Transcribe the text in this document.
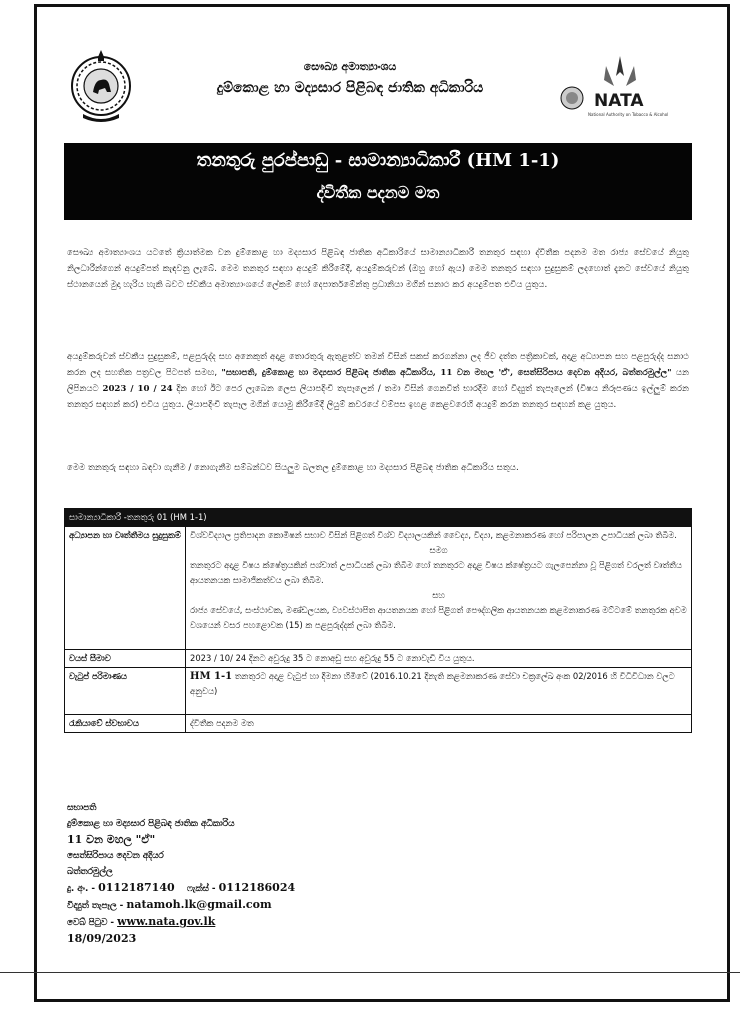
සෞඛ්‍ය අමාත්‍යාංශය
දුම්කොළ හා මද්‍යසාර පිළිබඳ ජාතික අධිකාරිය
NATA
National Authority on Tobacco & Alcohol
තනතුරු පුරප්පාඩු - සාමාන්‍යාධිකාරී (HM 1-1)
ද්විතීක පදනම මත
සෞඛ්‍ය අමාත්‍යාංශය යටතේ ක්‍රියාත්මක වන දුම්කොළ හා මද්‍යසාර පිළිබඳ ජාතික අධිකාරියේ සාමාන්‍යාධිකාරී තනතුර සඳහා ද්විතීක පදනම මත රාජ්‍ය සේවයේ නියුතු නිලධාරීන්ගෙන් අයදුම්පත් කැඳවනු ලැබේ. මෙම තනතුර සඳහා අයදුම් කිරීමේදී, අයදුම්කරුවන් (ඔහු හෝ ඇය) මෙම තනතුර සඳහා සුදුසුකම් ලදහොත් දැනට සේවයේ නියුතු ස්ථානයෙන් මුදා හැරිය හැකි බවට ස්වකීය අමාත්‍යාංශයේ ලේකම් හෝ දෙපාර්තමේන්තු ප්‍රධානියා මගින් සනාථ කර අයදුම්පත එවිය යුතුය.
අයදුම්කරුවන් ස්වකීය සුදුසුකම්, පළපුරුද්ද සහ අනෙකුත් අදාළ තොරතුරු ඇතුළත්ව තමන් විසින් සකස් කරගන්නා ලද ජීව දත්ත පත්‍රිකාවක්, අදාළ අධ්‍යාපන සහ පළපුරුද්ද සනාථ කරන ලද සහතික පත්‍රවල පිටපත් සමඟ, "සභාපති, දුම්කොළ හා මද්‍යසාර පිළිබඳ ජාතික අධිකාරිය, 11 වන මහල 'ඒ', සෙත්සිරිපාය දෙවන අදියර, බත්තරමුල්ල" යන ලිපිනයට 2023 / 10 / 24 දින හෝ ඊට පෙර ලැබෙන ලෙස ලියාපදිංචි තැපෑලෙන් / තමා විසින් ගෙනවිත් භාරදීම හෝ විද්‍යුත් තැපෑලෙන් (විෂය නිරූපණය ඉල්ලුම් කරන තනතුර සඳහන් කර) එවිය යුතුය. ලියාපදිංචි තැපෑල මගින් යොමු කිරීමේදී ලියුම් කවරයේ වම්පස ඉහළ කෙළවරෙහි අයදුම් කරන තනතුර සඳහන් කළ යුතුය.
මෙම තනතුරු සඳහා බඳවා ගැනීම / නොගැනීම සම්බන්ධව සියලුම බලතල දුම්කොළ හා මද්‍යසාර පිළිබඳ ජාතික අධිකාරිය සතුය.
සාමාන්‍යාධිකාරී -තනතුරු 01 (HM 1-1)	
අධ්‍යාපන හා වෘත්තීමය සුදුසුකම්	විශ්වවිද්‍යාල ප්‍රතිපාදන කොමිෂන් සභාව විසින් පිළිගත් විශ්ව විද්‍යාලයකින් වෛද්‍ය, විද්‍යා, කළමනාකරණ හෝ පරිපාලන උපාධියක් ලබා තිබීම.
සමග
තනතුරට අදාළ විෂය ක්ෂේත්‍රයකින් පශ්චාත් උපාධියක් ලබා තිබීම හෝ තනතුරට අදාළ විෂය ක්ෂේත්‍රයට ගැලපෙන්නා වූ පිළිගත් වරලත් වෘත්තීය ආයතනයක සාමාජිකත්වය ලබා තිබීම.
සහ
රාජ්‍ය සේවයේ, සංස්ථාවක, මණ්ඩලයක, ව්‍යවස්ථාපිත ආයතනයක හෝ පිළිගත් පෞද්ගලික ආයතනයක කළමනාකරණ මට්ටමේ තනතුරක අවම වශයෙන් වසර පහළොවක (15) ක පළපුරුද්දක් ලබා තිබීම.

වයස් සීමාව	2023 / 10/ 24 දිනට අවුරුදු 35 ට නොඅඩු සහ අවුරුදු 55 ට නොවැඩි විය යුතුය.
වැටුප් පරිමාණය	HM 1-1 තනතුරට අදාළ වැටුප් හා දීමනා හිමිවේ (2016.10.21 දිනැති කළමනාකරණ සේවා චක්‍රලේඛ අංක 02/2016 හි විධිවිධාන වලට අනුවය)

රැකියාවේ ස්වභාවය	ද්විතීක පදනම මත
සභාපති
දුම්කොළ හා මද්‍යසාර පිළිබඳ ජාතික අධිකාරිය
11 වන මහල "ඒ"
සෙත්සිරිපාය දෙවන අදියර
බත්තරමුල්ල
දු. අං. - 0112187140 ෆැක්ස් - 0112186024
විද්‍යුත් තැපෑල - natamoh.lk@gmail.com
වෙබ් පිටුව - www.nata.gov.lk
18/09/2023
